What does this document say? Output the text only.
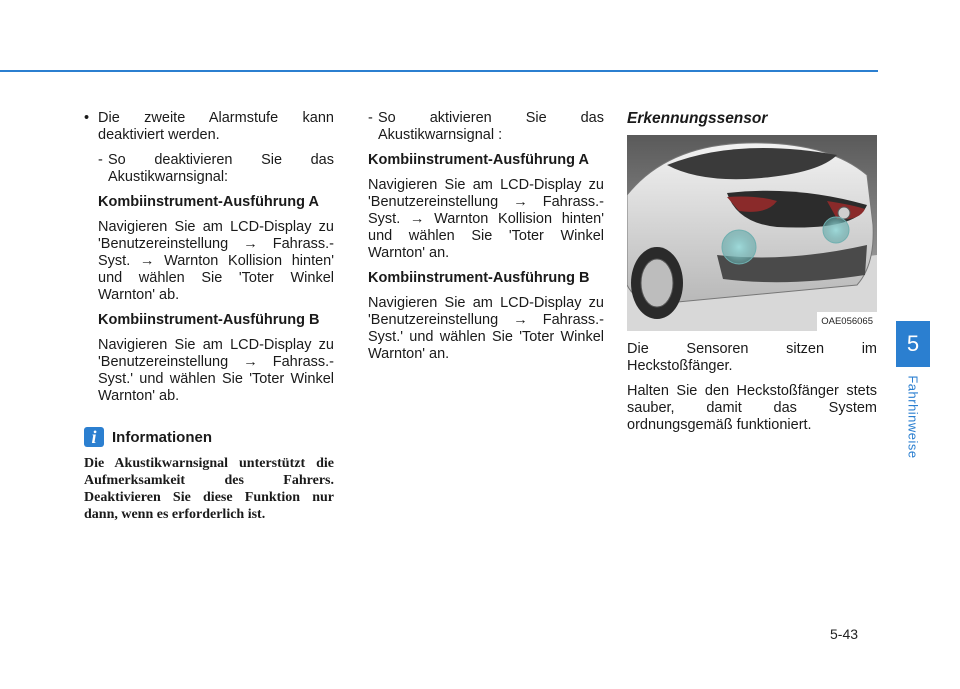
• Die zweite Alarmstufe kann deaktiviert werden.

- So deaktivieren Sie das Akustikwarnsignal:

Kombiinstrument-Ausführung A

Navigieren Sie am LCD-Display zu 'Benutzereinstellung → Fahrass.-Syst. → Warnton Kollision hinten' und wählen Sie 'Toter Winkel Warnton' ab.

Kombiinstrument-Ausführung B

Navigieren Sie am LCD-Display zu 'Benutzereinstellung → Fahrass.-Syst.' und wählen Sie 'Toter Winkel Warnton' ab.

i	Informationen

Die Akustikwarnsignal unterstützt die Aufmerksamkeit des Fahrers. Deaktivieren Sie diese Funktion nur dann, wenn es erforderlich ist.

- So aktivieren Sie das Akustikwarnsignal :

Kombiinstrument-Ausführung A

Navigieren Sie am LCD-Display zu 'Benutzereinstellung → Fahrass.-Syst. → Warnton Kollision hinten' und wählen Sie 'Toter Winkel Warnton' an.

Kombiinstrument-Ausführung B

Navigieren Sie am LCD-Display zu 'Benutzereinstellung → Fahrass.-Syst.' und wählen Sie 'Toter Winkel Warnton' an.

Erkennungssensor

OAE056065

Die Sensoren sitzen im Heckstoßfänger.

Halten Sie den Heckstoßfänger stets sauber, damit das System ordnungsgemäß funktioniert.

5
Fahrhinweise
5-43
